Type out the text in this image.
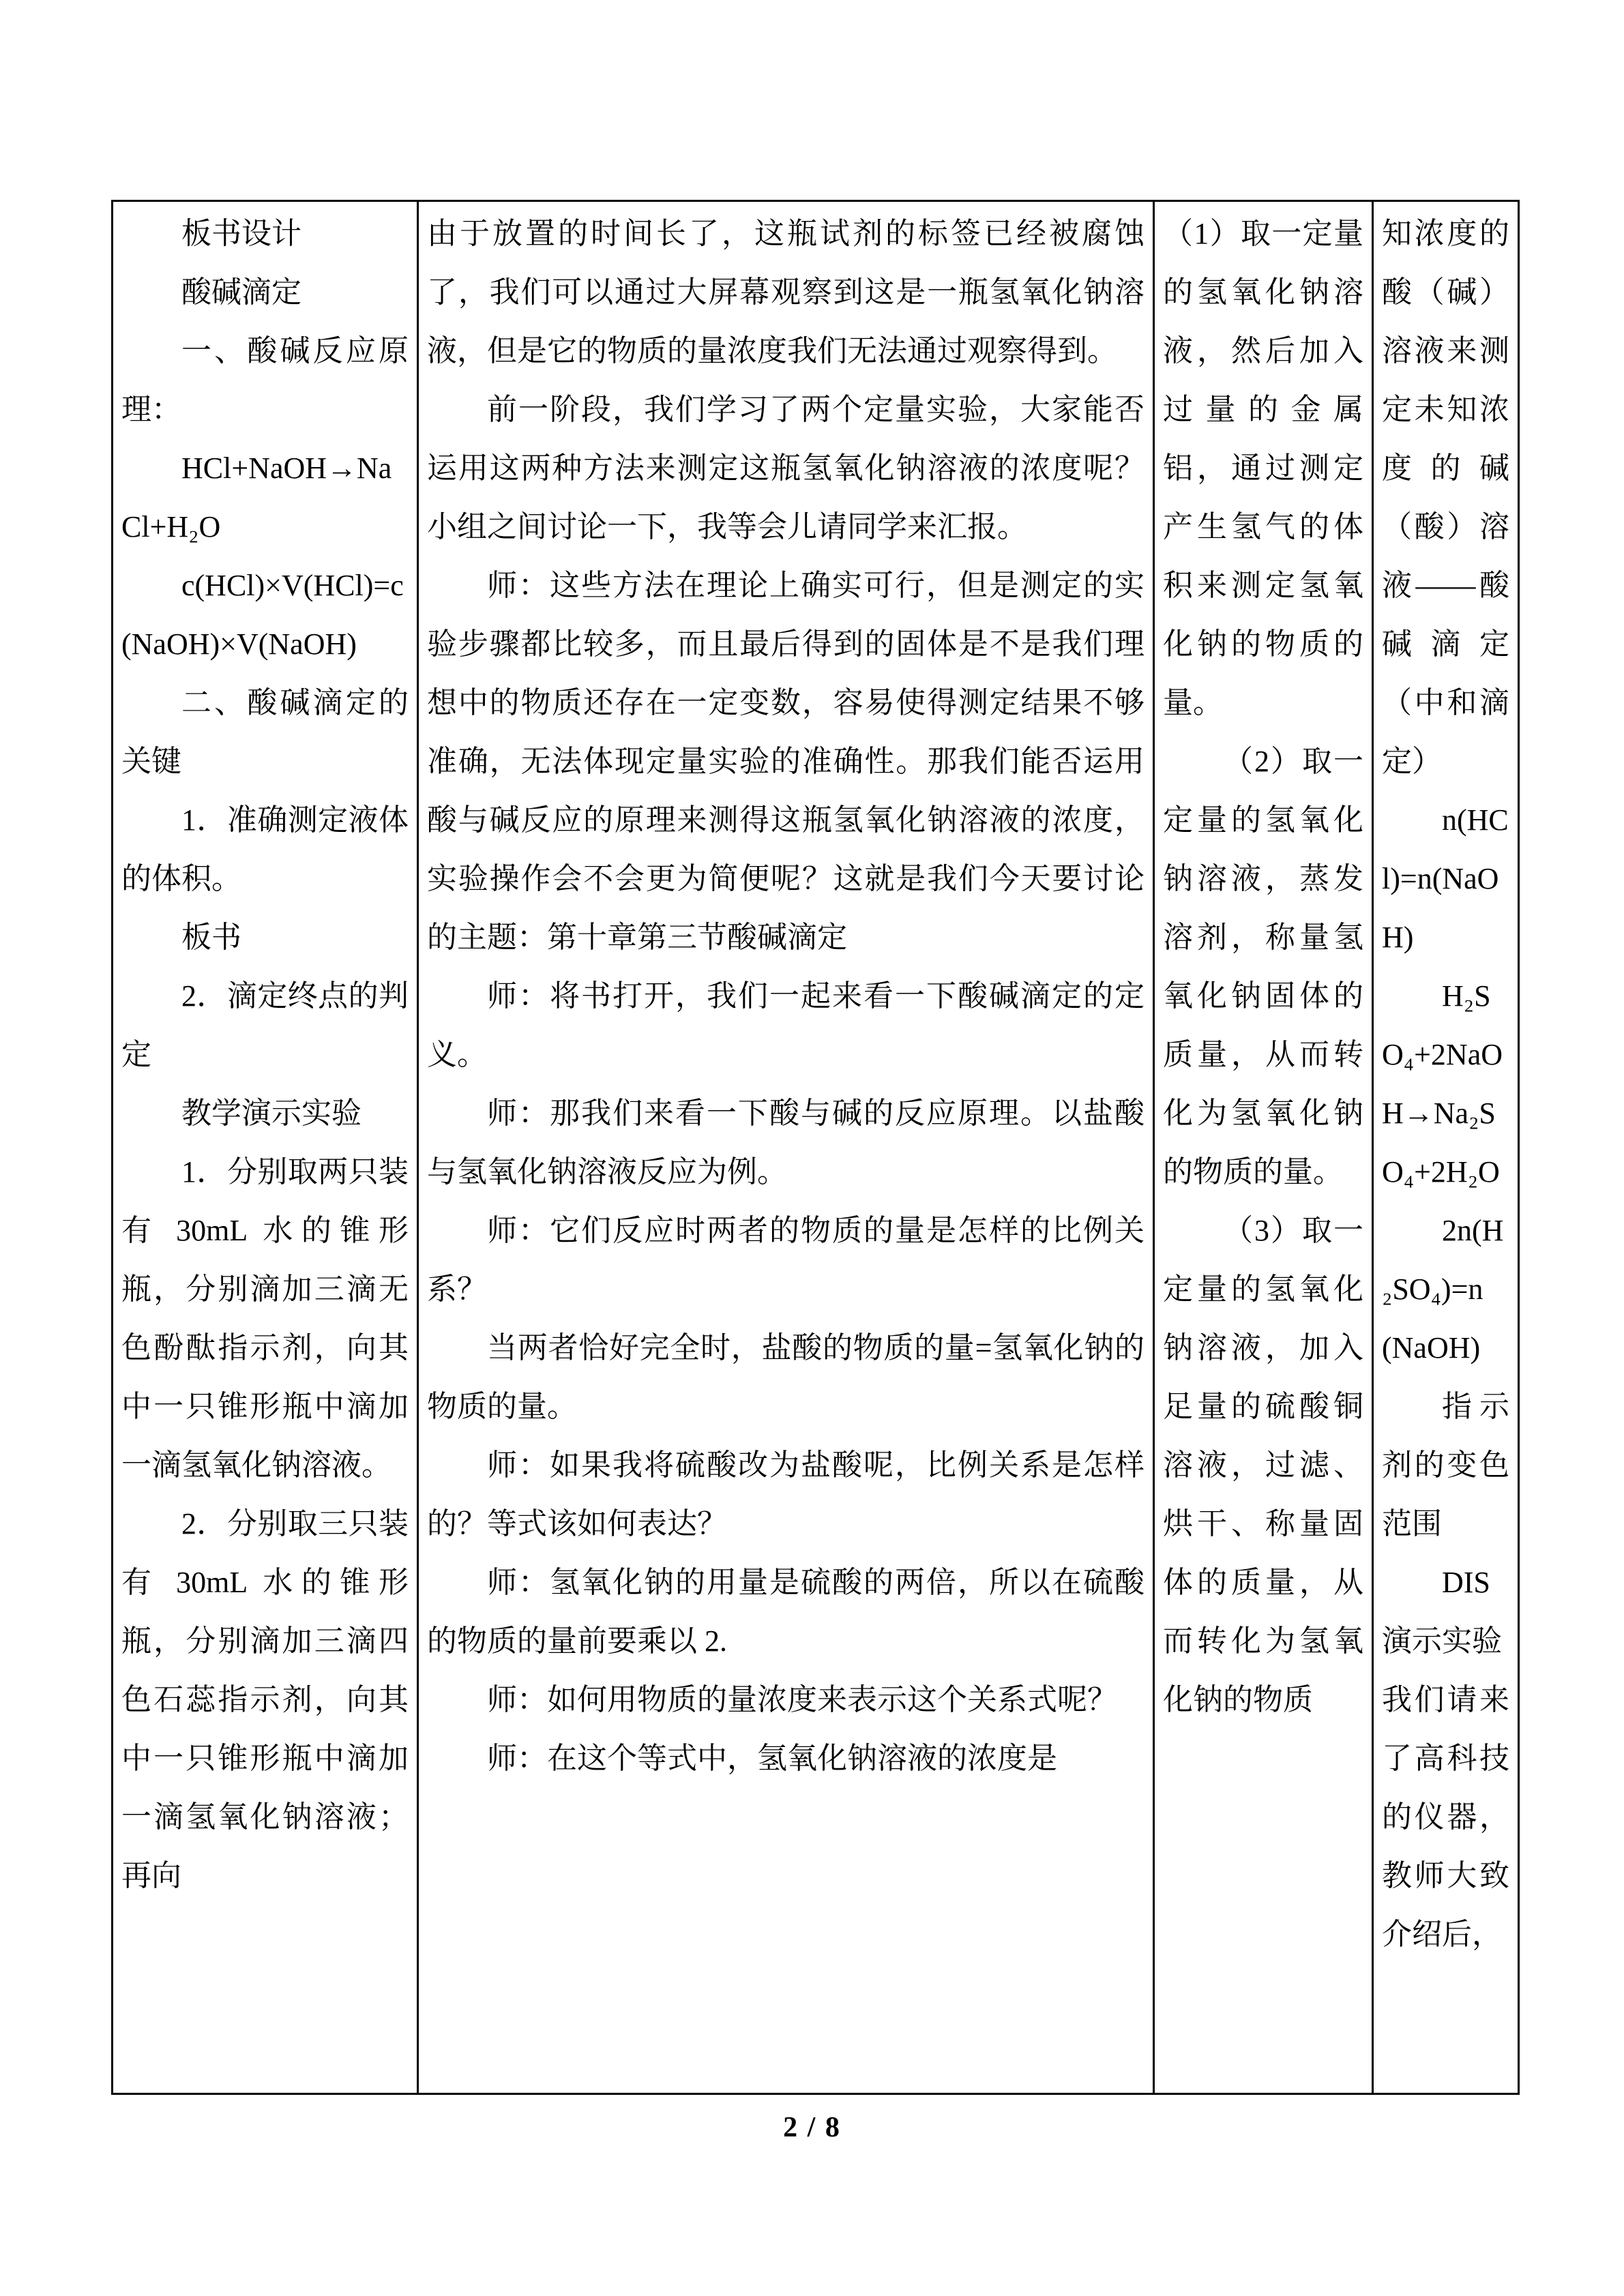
板书设计

酸碱滴定

一、酸碱反应原理：

HCl+NaOH→NaCl+H₂O

c(HCl)×V(HCl)=c(NaOH)×V(NaOH)

二、酸碱滴定的关键

1．准确测定液体的体积。

板书

2．滴定终点的判定

教学演示实验

1．分别取两只装有 30mL 水的锥形瓶，分别滴加三滴无色酚酞指示剂，向其中一只锥形瓶中滴加一滴氢氧化钠溶液。

2．分别取三只装有 30mL 水的锥形瓶，分别滴加三滴四色石蕊指示剂，向其中一只锥形瓶中滴加一滴氢氧化钠溶液；再向

由于放置的时间长了，这瓶试剂的标签已经被腐蚀了，我们可以通过大屏幕观察到这是一瓶氢氧化钠溶液，但是它的物质的量浓度我们无法通过观察得到。

前一阶段，我们学习了两个定量实验，大家能否运用这两种方法来测定这瓶氢氧化钠溶液的浓度呢？小组之间讨论一下，我等会儿请同学来汇报。

师：这些方法在理论上确实可行，但是测定的实验步骤都比较多，而且最后得到的固体是不是我们理想中的物质还存在一定变数，容易使得测定结果不够准确，无法体现定量实验的准确性。那我们能否运用酸与碱反应的原理来测得这瓶氢氧化钠溶液的浓度，实验操作会不会更为简便呢？这就是我们今天要讨论的主题：第十章第三节酸碱滴定

师：将书打开，我们一起来看一下酸碱滴定的定义。

师：那我们来看一下酸与碱的反应原理。以盐酸与氢氧化钠溶液反应为例。

师：它们反应时两者的物质的量是怎样的比例关系？

当两者恰好完全时，盐酸的物质的量=氢氧化钠的物质的量。

师：如果我将硫酸改为盐酸呢，比例关系是怎样的？等式该如何表达？

师：氢氧化钠的用量是硫酸的两倍，所以在硫酸的物质的量前要乘以 2.

师：如何用物质的量浓度来表示这个关系式呢？

师：在这个等式中，氢氧化钠溶液的浓度是

（1）取一定量的氢氧化钠溶液，然后加入过量的金属铝，通过测定产生氢气的体积来测定氢氧化钠的物质的量。

（2）取一定量的氢氧化钠溶液，蒸发溶剂，称量氢氧化钠固体的质量，从而转化为氢氧化钠的物质的量。

（3）取一定量的氢氧化钠溶液，加入足量的硫酸铜溶液，过滤、烘干、称量固体的质量，从而转化为氢氧化钠的物质

知浓度的酸（碱）溶液来测定未知浓度的碱（酸）溶液——酸碱滴定（中和滴定）

n(HCl)=n(NaOH)

H₂SO₄+2NaOH→Na₂SO₄+2H₂O

2n(H₂SO₄)=n(NaOH)

指示剂的变色范围

DIS演示实验

我们请来了高科技的仪器，教师大致介绍后，

2 / 8
